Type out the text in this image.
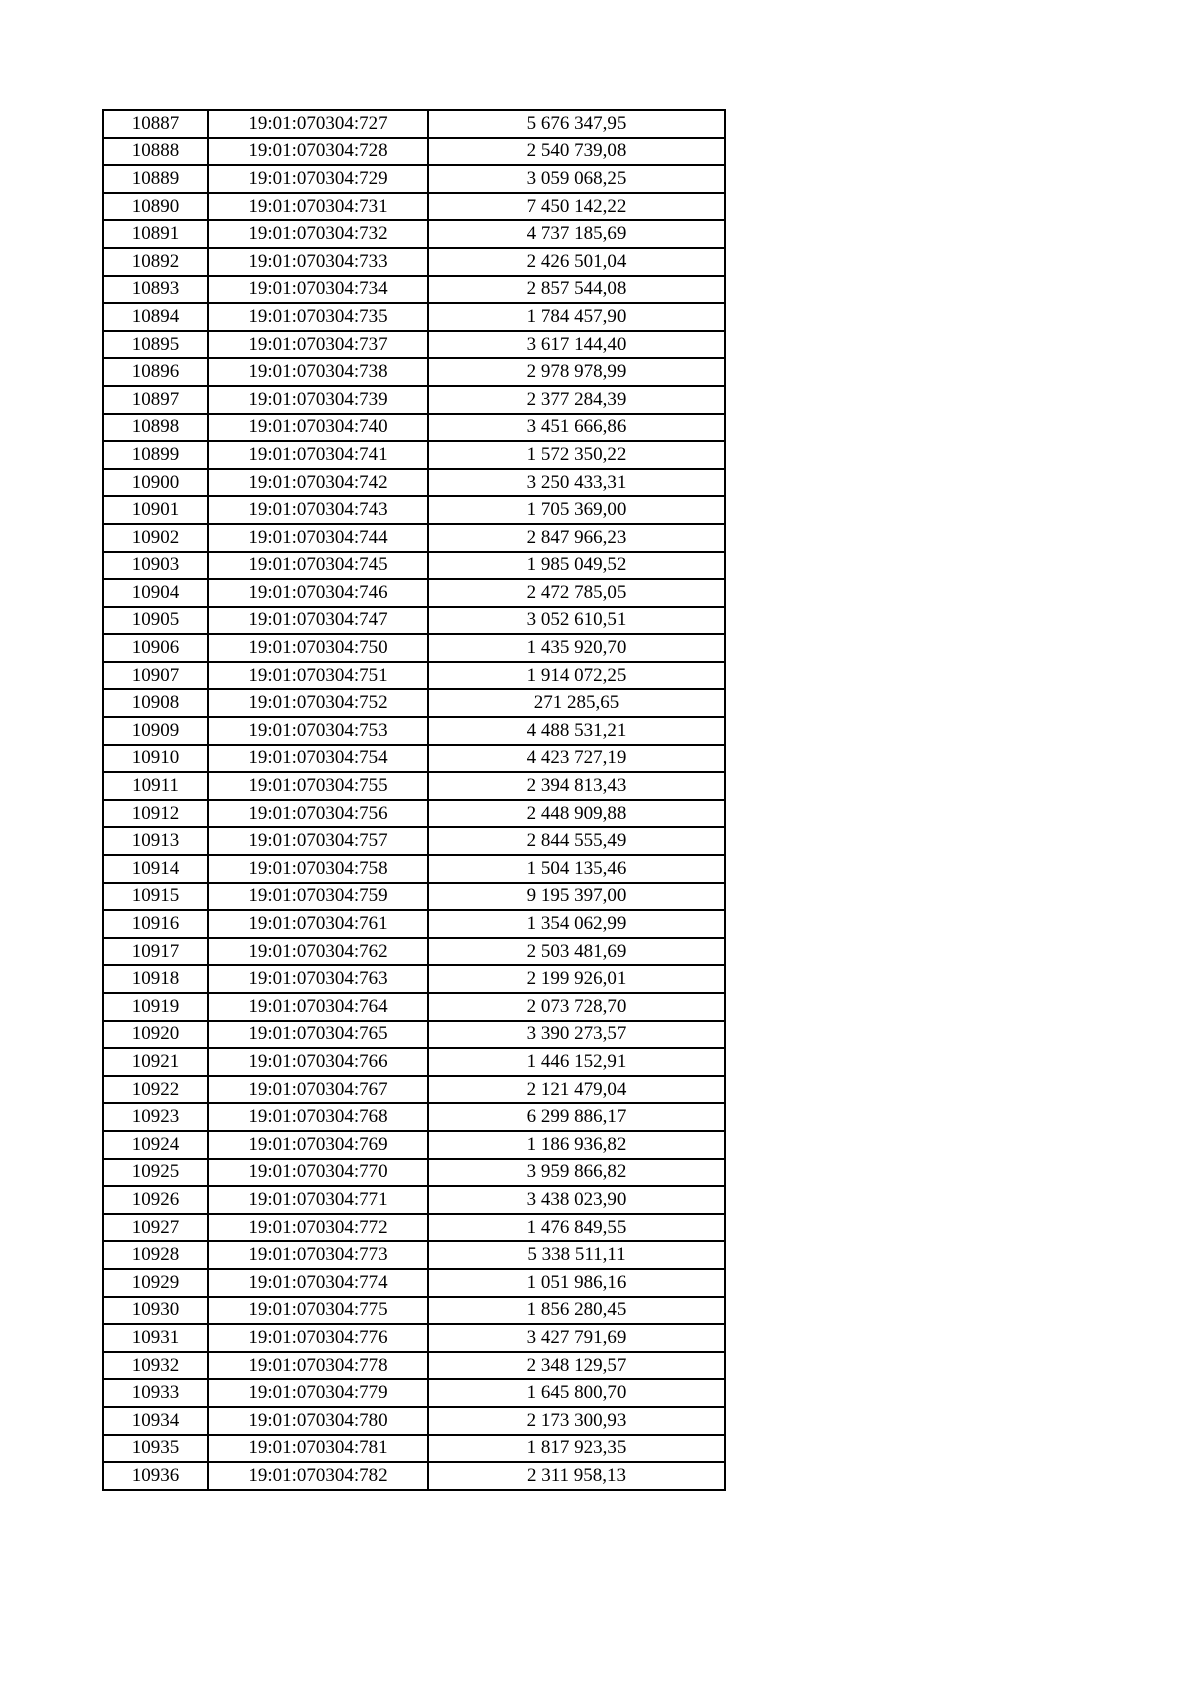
10887	19:01:070304:727	5 676 347,95
10888	19:01:070304:728	2 540 739,08
10889	19:01:070304:729	3 059 068,25
10890	19:01:070304:731	7 450 142,22
10891	19:01:070304:732	4 737 185,69
10892	19:01:070304:733	2 426 501,04
10893	19:01:070304:734	2 857 544,08
10894	19:01:070304:735	1 784 457,90
10895	19:01:070304:737	3 617 144,40
10896	19:01:070304:738	2 978 978,99
10897	19:01:070304:739	2 377 284,39
10898	19:01:070304:740	3 451 666,86
10899	19:01:070304:741	1 572 350,22
10900	19:01:070304:742	3 250 433,31
10901	19:01:070304:743	1 705 369,00
10902	19:01:070304:744	2 847 966,23
10903	19:01:070304:745	1 985 049,52
10904	19:01:070304:746	2 472 785,05
10905	19:01:070304:747	3 052 610,51
10906	19:01:070304:750	1 435 920,70
10907	19:01:070304:751	1 914 072,25
10908	19:01:070304:752	271 285,65
10909	19:01:070304:753	4 488 531,21
10910	19:01:070304:754	4 423 727,19
10911	19:01:070304:755	2 394 813,43
10912	19:01:070304:756	2 448 909,88
10913	19:01:070304:757	2 844 555,49
10914	19:01:070304:758	1 504 135,46
10915	19:01:070304:759	9 195 397,00
10916	19:01:070304:761	1 354 062,99
10917	19:01:070304:762	2 503 481,69
10918	19:01:070304:763	2 199 926,01
10919	19:01:070304:764	2 073 728,70
10920	19:01:070304:765	3 390 273,57
10921	19:01:070304:766	1 446 152,91
10922	19:01:070304:767	2 121 479,04
10923	19:01:070304:768	6 299 886,17
10924	19:01:070304:769	1 186 936,82
10925	19:01:070304:770	3 959 866,82
10926	19:01:070304:771	3 438 023,90
10927	19:01:070304:772	1 476 849,55
10928	19:01:070304:773	5 338 511,11
10929	19:01:070304:774	1 051 986,16
10930	19:01:070304:775	1 856 280,45
10931	19:01:070304:776	3 427 791,69
10932	19:01:070304:778	2 348 129,57
10933	19:01:070304:779	1 645 800,70
10934	19:01:070304:780	2 173 300,93
10935	19:01:070304:781	1 817 923,35
10936	19:01:070304:782	2 311 958,13
